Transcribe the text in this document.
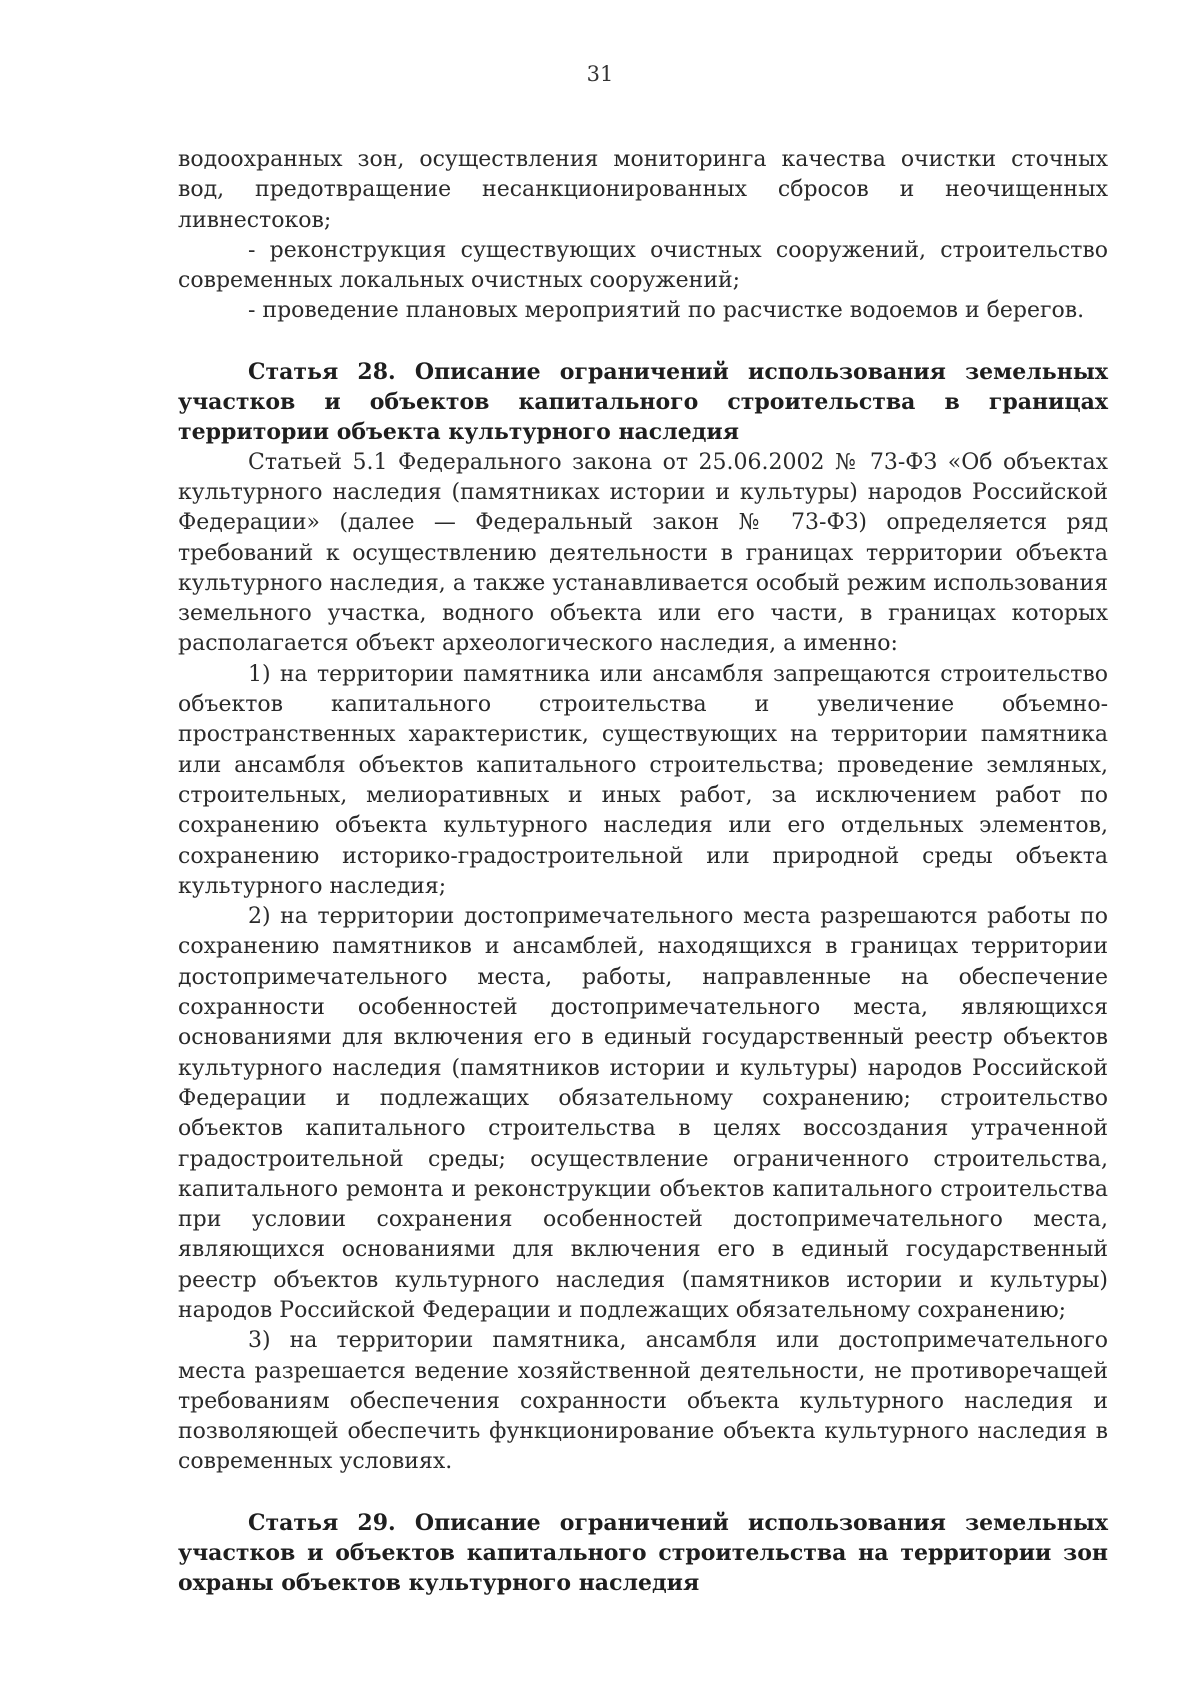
31

водоохранных зон, осуществления мониторинга качества очистки сточных вод, предотвращение несанкционированных сбросов и неочищенных ливнестоков;

- реконструкция существующих очистных сооружений, строительство современных локальных очистных сооружений;

- проведение плановых мероприятий по расчистке водоемов и берегов.

Статья 28. Описание ограничений использования земельных участков и объектов капитального строительства в границах территории объекта культурного наследия

Статьей 5.1 Федерального закона от 25.06.2002 № 73-ФЗ «Об объектах культурного наследия (памятниках истории и культуры) народов Российской Федерации» (далее — Федеральный закон № 73-ФЗ) определяется ряд требований к осуществлению деятельности в границах территории объекта культурного наследия, а также устанавливается особый режим использования земельного участка, водного объекта или его части, в границах которых располагается объект археологического наследия, а именно:

1) на территории памятника или ансамбля запрещаются строительство объектов капитального строительства и увеличение объемно-пространственных характеристик, существующих на территории памятника или ансамбля объектов капитального строительства; проведение земляных, строительных, мелиоративных и иных работ, за исключением работ по сохранению объекта культурного наследия или его отдельных элементов, сохранению историко-градостроительной или природной среды объекта культурного наследия;

2) на территории достопримечательного места разрешаются работы по сохранению памятников и ансамблей, находящихся в границах территории достопримечательного места, работы, направленные на обеспечение сохранности особенностей достопримечательного места, являющихся основаниями для включения его в единый государственный реестр объектов культурного наследия (памятников истории и культуры) народов Российской Федерации и подлежащих обязательному сохранению; строительство объектов капитального строительства в целях воссоздания утраченной градостроительной среды; осуществление ограниченного строительства, капитального ремонта и реконструкции объектов капитального строительства при условии сохранения особенностей достопримечательного места, являющихся основаниями для включения его в единый государственный реестр объектов культурного наследия (памятников истории и культуры) народов Российской Федерации и подлежащих обязательному сохранению;

3) на территории памятника, ансамбля или достопримечательного места разрешается ведение хозяйственной деятельности, не противоречащей требованиям обеспечения сохранности объекта культурного наследия и позволяющей обеспечить функционирование объекта культурного наследия в современных условиях.

Статья 29. Описание ограничений использования земельных участков и объектов капитального строительства на территории зон охраны объектов культурного наследия
